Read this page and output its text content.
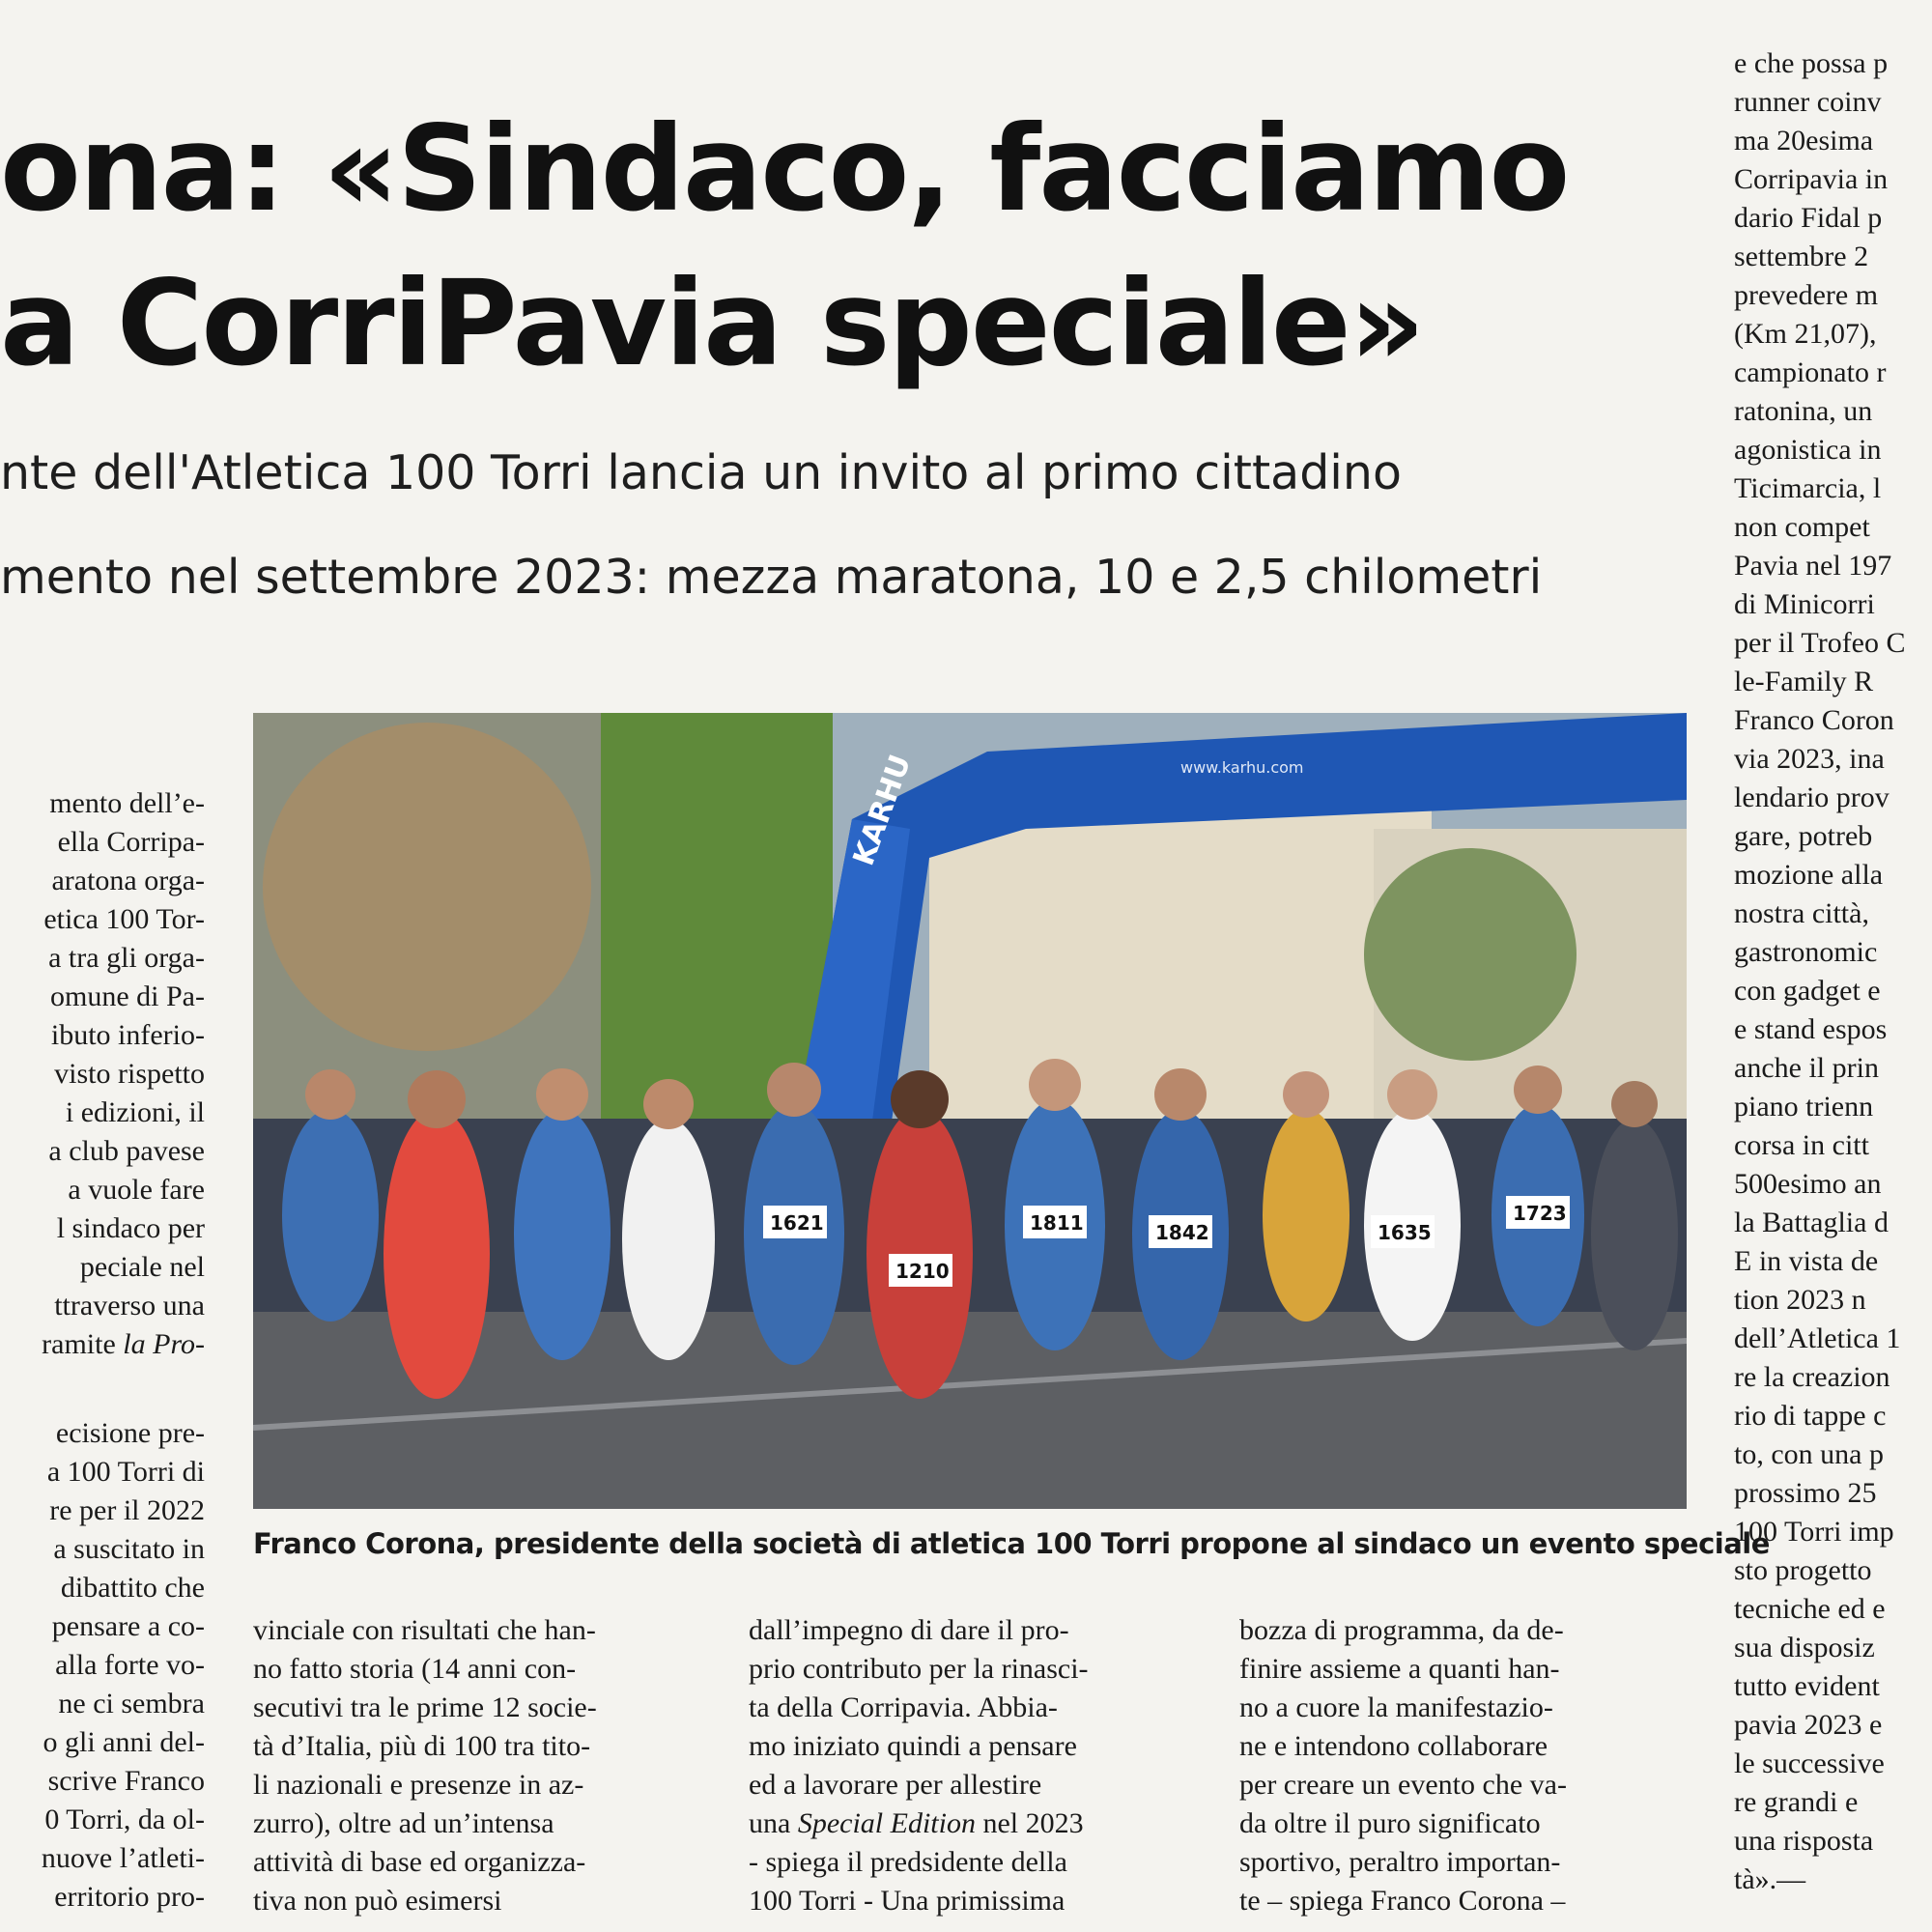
ona: «Sindaco, facciamo
a CorriPavia speciale»
nte dell'Atletica 100 Torri lancia un invito al primo cittadino
mento nel settembre 2023: mezza maratona, 10 e 2,5 chilometri
mento dell’e-
ella Corripa-
aratona orga-
etica 100 Tor-
a tra gli orga-
omune di Pa-
ibuto inferio-
visto rispetto
i edizioni, il
a club pavese
a vuole fare
l sindaco per
peciale nel
ttraverso una
ramite la Pro-
ecisione pre-
a 100 Torri di
re per il 2022
a suscitato in
dibattito che
pensare a co-
alla forte vo-
ne ci sembra
o gli anni del-
scrive Franco
0 Torri, da ol-
nuove l’atleti-
erritorio pro-
KARHU	www.karhu.com
1621
1210
1811	1842	1635
1723

Franco Corona, presidente della società di atletica 100 Torri propone al sindaco un evento speciale

vinciale con risultati che han-
no fatto storia (14 anni con-
secutivi tra le prime 12 socie-
tà d’Italia, più di 100 tra tito-
li nazionali e presenze in az-
zurro), oltre ad un’intensa
attività di base ed organizza-
tiva non può esimersi
dall’impegno di dare il pro-
prio contributo per la rinasci-
ta della Corripavia. Abbia-
mo iniziato quindi a pensare
ed a lavorare per allestire
una Special Edition nel 2023
- spiega il predsidente della
100 Torri - Una primissima
bozza di programma, da de-
finire assieme a quanti han-
no a cuore la manifestazio-
ne e intendono collaborare
per creare un evento che va-
da oltre il puro significato
sportivo, peraltro importan-
te – spiega Franco Corona –
e che possa p
runner coinv
ma 20esima
Corripavia in
dario Fidal p
settembre 2
prevedere m
(Km 21,07),
campionato r
ratonina, un
agonistica in
Ticimarcia, l
non compet
Pavia nel 197
di Minicorri
per il Trofeo C
le-Family R
Franco Coron
via 2023, ina
lendario prov
gare, potreb
mozione alla
nostra città,
gastronomic
con gadget e
e stand espos
anche il prin
piano trienn
corsa in citt
500esimo an
la Battaglia d
E in vista de
tion 2023 n
dell’Atletica 1
re la creazion
rio di tappe c
to, con una p
prossimo 25
100 Torri imp
sto progetto
tecniche ed e
sua disposiz
tutto evident
pavia 2023 e
le successive
re grandi e
una risposta
tà».—
